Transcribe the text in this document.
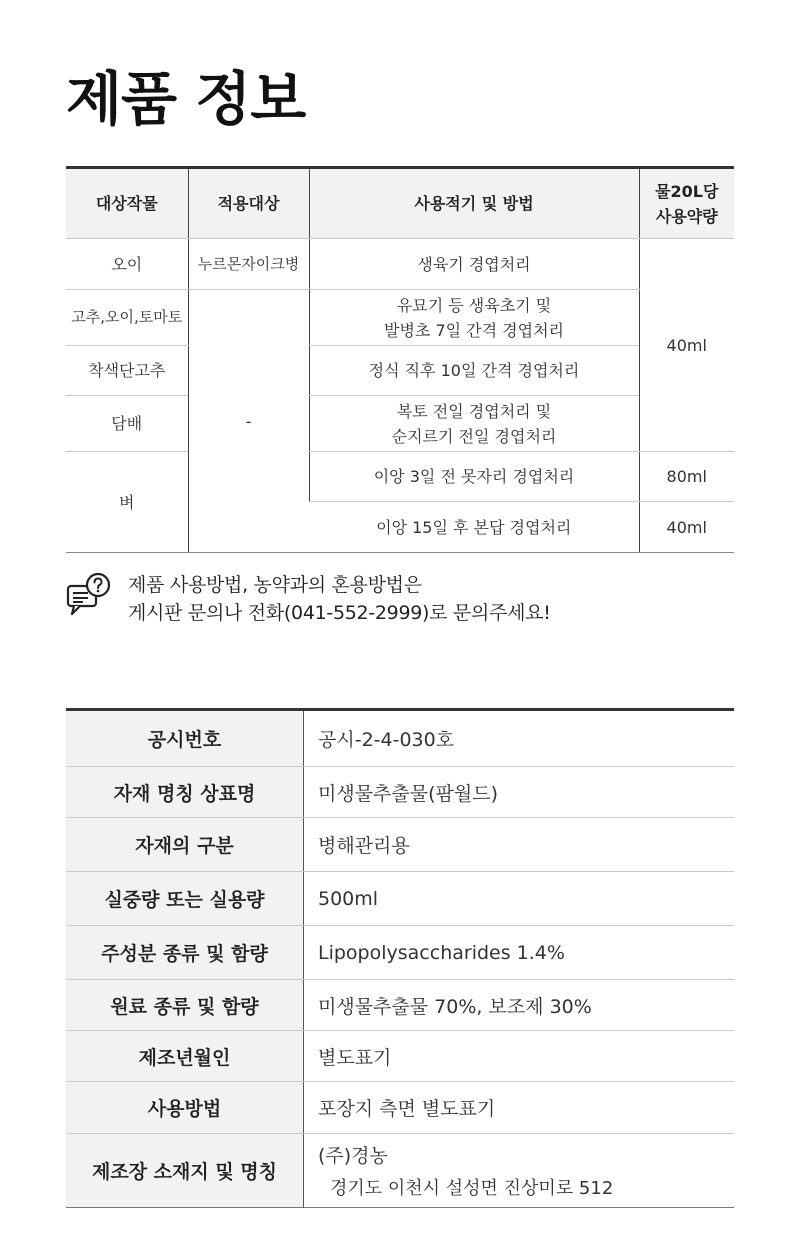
제품 정보
대상작물	적용대상	사용적기 및 방법	물20L당
사용약량
오이	누르몬자이크병	생육기 경엽처리	40ml
고추,오이,토마토	-	유묘기 등 생육초기 및
발병초 7일 간격 경엽처리	
착색단고추		정식 직후 10일 간격 경엽처리	
담배		복토 전일 경엽처리 및
순지르기 전일 경엽처리	
벼		이앙 3일 전 못자리 경엽처리	80ml
		이앙 15일 후 본답 경엽처리	40ml
제품 사용방법, 농약과의 혼용방법은
게시판 문의나 전화(041-552-2999)로 문의주세요!
공시번호	공시-2-4-030호
자재 명칭 상표명	미생물추출물(팜월드)
자재의 구분	병해관리용
실중량 또는 실용량	500ml
주성분 종류 및 함량	Lipopolysaccharides 1.4%
원료 종류 및 함량	미생물추출물 70%, 보조제 30%
제조년월인	별도표기
사용방법	포장지 측면 별도표기
제조장 소재지 및 명칭	(주)경농
경기도 이천시 설성면 진상미로 512
